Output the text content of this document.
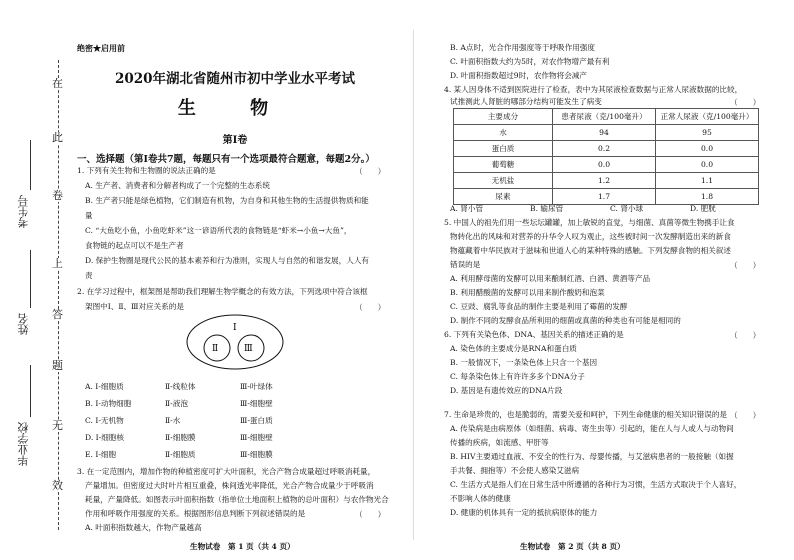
在
此
卷
上
答
题
无
效
考生号
姓名
毕业学校
绝密★启用前
2020年湖北省随州市初中学业水平考试
生 物
第Ⅰ卷
一、选择题（第Ⅰ卷共7题，每题只有一个选项最符合题意，每题2分。）
1. 下列有关生物和生物圈的说法正确的是	（　　）
A. 生产者、消费者和分解者构成了一个完整的生态系统
B. 生产者只能是绿色植物，它们制造有机物，为自身和其他生物的生活提供物质和能
量
C. “大鱼吃小鱼，小鱼吃虾米”这一谚语所代表的食物链是“虾米→小鱼→大鱼”，
食物链的起点可以不是生产者
D. 保护生物圈是现代公民的基本素养和行为准则，实现人与自然的和谐发展，人人有
责
2. 在学习过程中，框架图是帮助我们理解生物学概念的有效方法，下列选项中符合该框
架图中Ⅰ、Ⅱ、Ⅲ对应关系的是	（　　）
Ⅰ
Ⅱ	Ⅲ
A. Ⅰ-细胞质	Ⅱ-线粒体	Ⅲ-叶绿体
B. Ⅰ-动物细胞	Ⅱ-液泡	Ⅲ-细胞壁
C. Ⅰ-无机物	Ⅱ-水	Ⅲ-蛋白质
D. Ⅰ-细胞核	Ⅱ-细胞膜	Ⅲ-细胞壁
E. Ⅰ-细胞	Ⅱ-细胞质	Ⅲ-细胞膜
3. 在一定范围内，增加作物的种植密度可扩大叶面积，光合产物合成量超过呼吸消耗量，
产量增加。但密度过大时叶片相互重叠，株间透光率降低，光合产物合成量少于呼吸消
耗量，产量降低。如图表示叶面积指数（指单位土地面积上植物的总叶面积）与农作物光合
作用和呼吸作用强度的关系。根据图形信息判断下列叙述错误的是	（　　）
A. 叶面积指数越大，作物产量越高
生物试卷　第 1 页（共 4 页）
B. A点时，光合作用强度等于呼吸作用强度
C. 叶面积指数大约为5时，对农作物增产最有利
D. 叶面积指数超过9时，农作物将会减产
4. 某人因身体不适到医院进行了检查，表中为其尿液检查数据与正常人尿液数据的比较，
试推测此人肾脏的哪部分结构可能发生了病变	（　　）
主要成分	患者尿液（克/100毫升）	正常人尿液（克/100毫升）
水	94	95
蛋白质	0.2	0.0
葡萄糖	0.0	0.0
无机盐	1.2	1.1
尿素	1.7	1.8
A. 肾小管	B. 输尿管	C. 肾小球	D. 肥胱
5. 中国人的祖先们用一些坛坛罐罐，加上敏锐的直觉，与细菌、真菌等微生物携手让食
物转化出的风味和对营养的升华令人叹为观止，这些被时间一次发酵制造出来的新食
物蕴藏着中华民族对于滋味和世道人心的某种特殊的感触。下列发酵食物的相关叙述
错误的是	（　　）
A. 利用酵母菌的发酵可以用来酿制红酒、白酒、黄酒等产品
B. 利用醋酸菌的发酵可以用来制作酸奶和泡菜
C. 豆豉、腐乳等食品的制作主要是利用了霉菌的发酵
D. 制作不同的发酵食品所利用的细菌或真菌的种类也有可能是相同的
6. 下列有关染色体、DNA、基因关系的描述正确的是	（　　）
A. 染色体的主要成分是RNA和蛋白质
B. 一般情况下，一条染色体上只含一个基因
C. 每条染色体上有许许多多个DNA分子
D. 基因是有遗传效应的DNA片段
7. 生命是珍贵的，也是脆弱的，需要关爱和呵护，下列生命健康的相关知识错误的是 （　　）
A. 传染病是由病原体（如细菌、病毒、寄生虫等）引起的，能在人与人或人与动物间
传播的疾病，如流感、甲肝等
B. HIV主要通过血液、不安全的性行为、母婴传播，与艾滋病患者的一般接触（如握
手共餐、拥抱等）不会使人感染艾滋病
C. 生活方式是指人们在日常生活中所遵循的各种行为习惯，生活方式取决于个人喜好，
不影响人体的健康
D. 健康的机体具有一定的抵抗病原体的能力
生物试卷　第 2 页（共 8 页）
